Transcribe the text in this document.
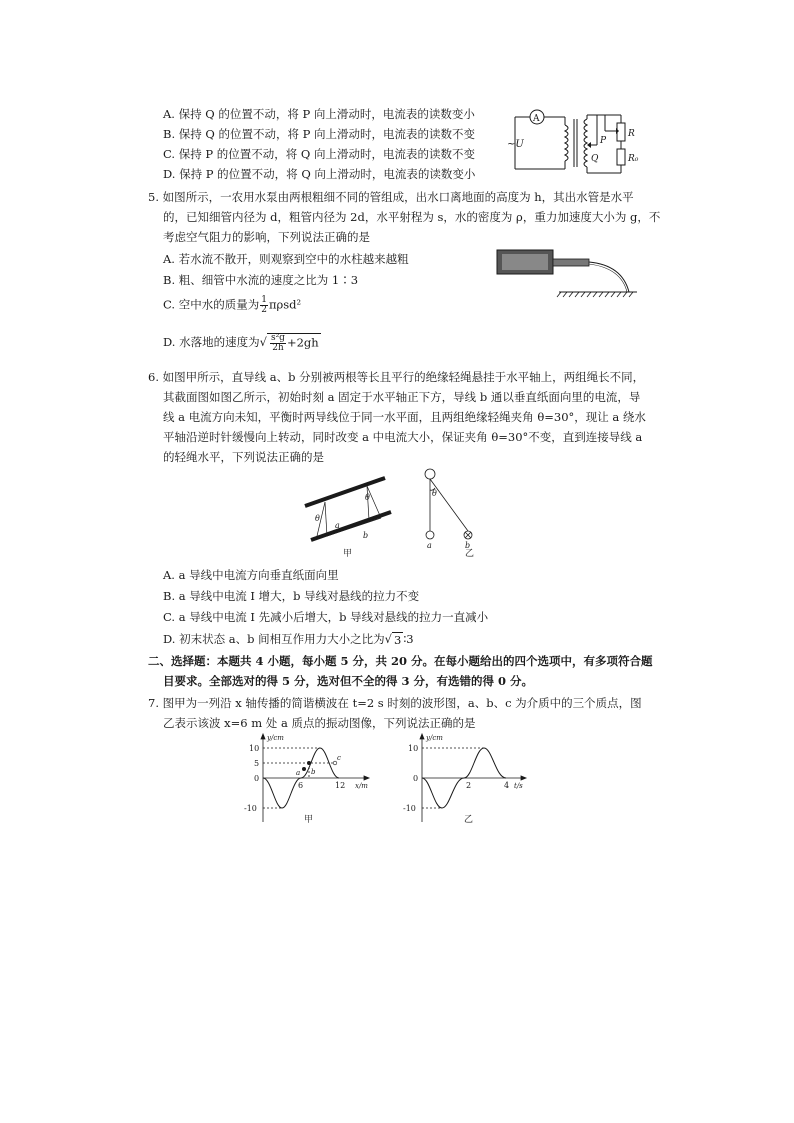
A. 保持 Q 的位置不动，将 P 向上滑动时，电流表的读数变小
B. 保持 Q 的位置不动，将 P 向上滑动时，电流表的读数不变
C. 保持 P 的位置不动，将 Q 向上滑动时，电流表的读数不变
D. 保持 P 的位置不动，将 Q 向上滑动时，电流表的读数变小
A
~U	P
Q
R
R₀
5. 如图所示，一农用水泵由两根粗细不同的管组成，出水口离地面的高度为 h，其出水管是水平
的，已知细管内径为 d，粗管内径为 2d，水平射程为 s，水的密度为 ρ，重力加速度大小为 g，不
考虑空气阻力的影响，下列说法正确的是
A. 若水流不散开，则观察到空中的水柱越来越粗
B. 粗、细管中水流的速度之比为 1∶3
C. 空中水的质量为 $\frac{1}{2} \pi\rho sd^2$
D. 水落地的速度为√ $\frac{\text{s²g}}{2h} +2gh$
6. 如图甲所示，直导线 a、b 分别被两根等长且平行的绝缘轻绳悬挂于水平轴上，两组绳长不同，
其截面图如图乙所示，初始时刻 a 固定于水平轴正下方，导线 b 通以垂直纸面向里的电流，导
线 a 电流方向未知，平衡时两导线位于同一水平面，且两组绝缘轻绳夹角 θ=30°，现让 a 绕水
平轴沿逆时针缓慢向上转动，同时改变 a 中电流大小，保证夹角 θ=30°不变，直到连接导线 a
的轻绳水平，下列说法正确的是
θ
θ
a
b
甲
θ
a	b
乙
A. a 导线中电流方向垂直纸面向里
B. a 导线中电流 I 增大，b 导线对悬线的拉力不变
C. a 导线中电流 I 先减小后增大，b 导线对悬线的拉力一直减小
D. 初末状态 a、b 间相互作用力大小之比为√ 3 ∶3
二、选择题：本题共 4 小题，每小题 5 分，共 20 分。在每小题给出的四个选项中，有多项符合题
目要求。全部选对的得 5 分，选对但不全的得 3 分，有选错的得 0 分。
7. 图甲为一列沿 x 轴传播的简谐横波在 t=2 s 时刻的波形图，a、b、c 为介质中的三个质点，图
乙表示该波 x=6 m 处 a 质点的振动图像，下列说法正确的是
y/cm
x/m
10
5
0
-10
6	12
a b
c
甲
y/cm
t/s
10
0
-10
2	4
乙
